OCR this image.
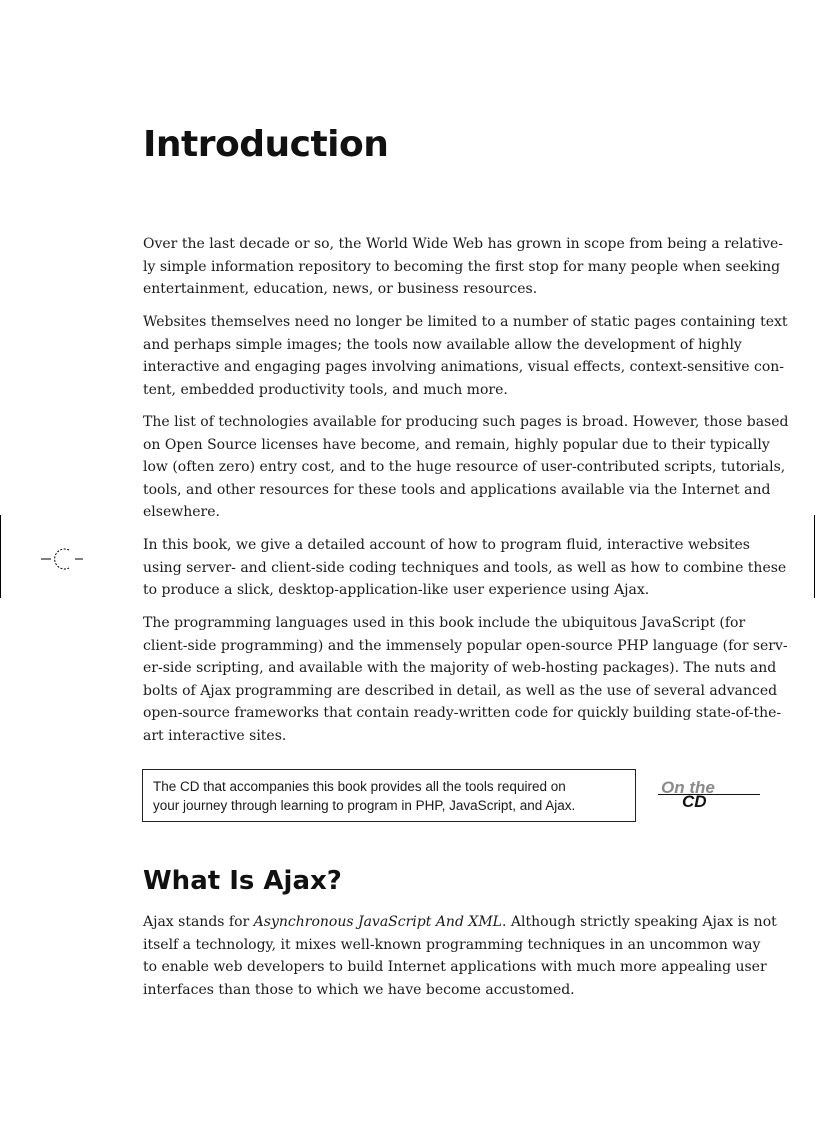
Introduction

Over the last decade or so, the World Wide Web has grown in scope from being a relative-
ly simple information repository to becoming the first stop for many people when seeking
entertainment, education, news, or business resources.

Websites themselves need no longer be limited to a number of static pages containing text
and perhaps simple images; the tools now available allow the development of highly
interactive and engaging pages involving animations, visual effects, context-sensitive con-
tent, embedded productivity tools, and much more.

The list of technologies available for producing such pages is broad. However, those based
on Open Source licenses have become, and remain, highly popular due to their typically
low (often zero) entry cost, and to the huge resource of user-contributed scripts, tutorials,
tools, and other resources for these tools and applications available via the Internet and
elsewhere.

In this book, we give a detailed account of how to program fluid, interactive websites
using server- and client-side coding techniques and tools, as well as how to combine these
to produce a slick, desktop-application-like user experience using Ajax.

The programming languages used in this book include the ubiquitous JavaScript (for
client-side programming) and the immensely popular open-source PHP language (for serv-
er-side scripting, and available with the majority of web-hosting packages). The nuts and
bolts of Ajax programming are described in detail, as well as the use of several advanced
open-source frameworks that contain ready-written code for quickly building state-of-the-
art interactive sites.

The CD that accompanies this book provides all the tools required on
your journey through learning to program in PHP, JavaScript, and Ajax.
On the
CD
What Is Ajax?

Ajax stands for Asynchronous JavaScript And XML. Although strictly speaking Ajax is not
itself a technology, it mixes well-known programming techniques in an uncommon way
to enable web developers to build Internet applications with much more appealing user
interfaces than those to which we have become accustomed.
